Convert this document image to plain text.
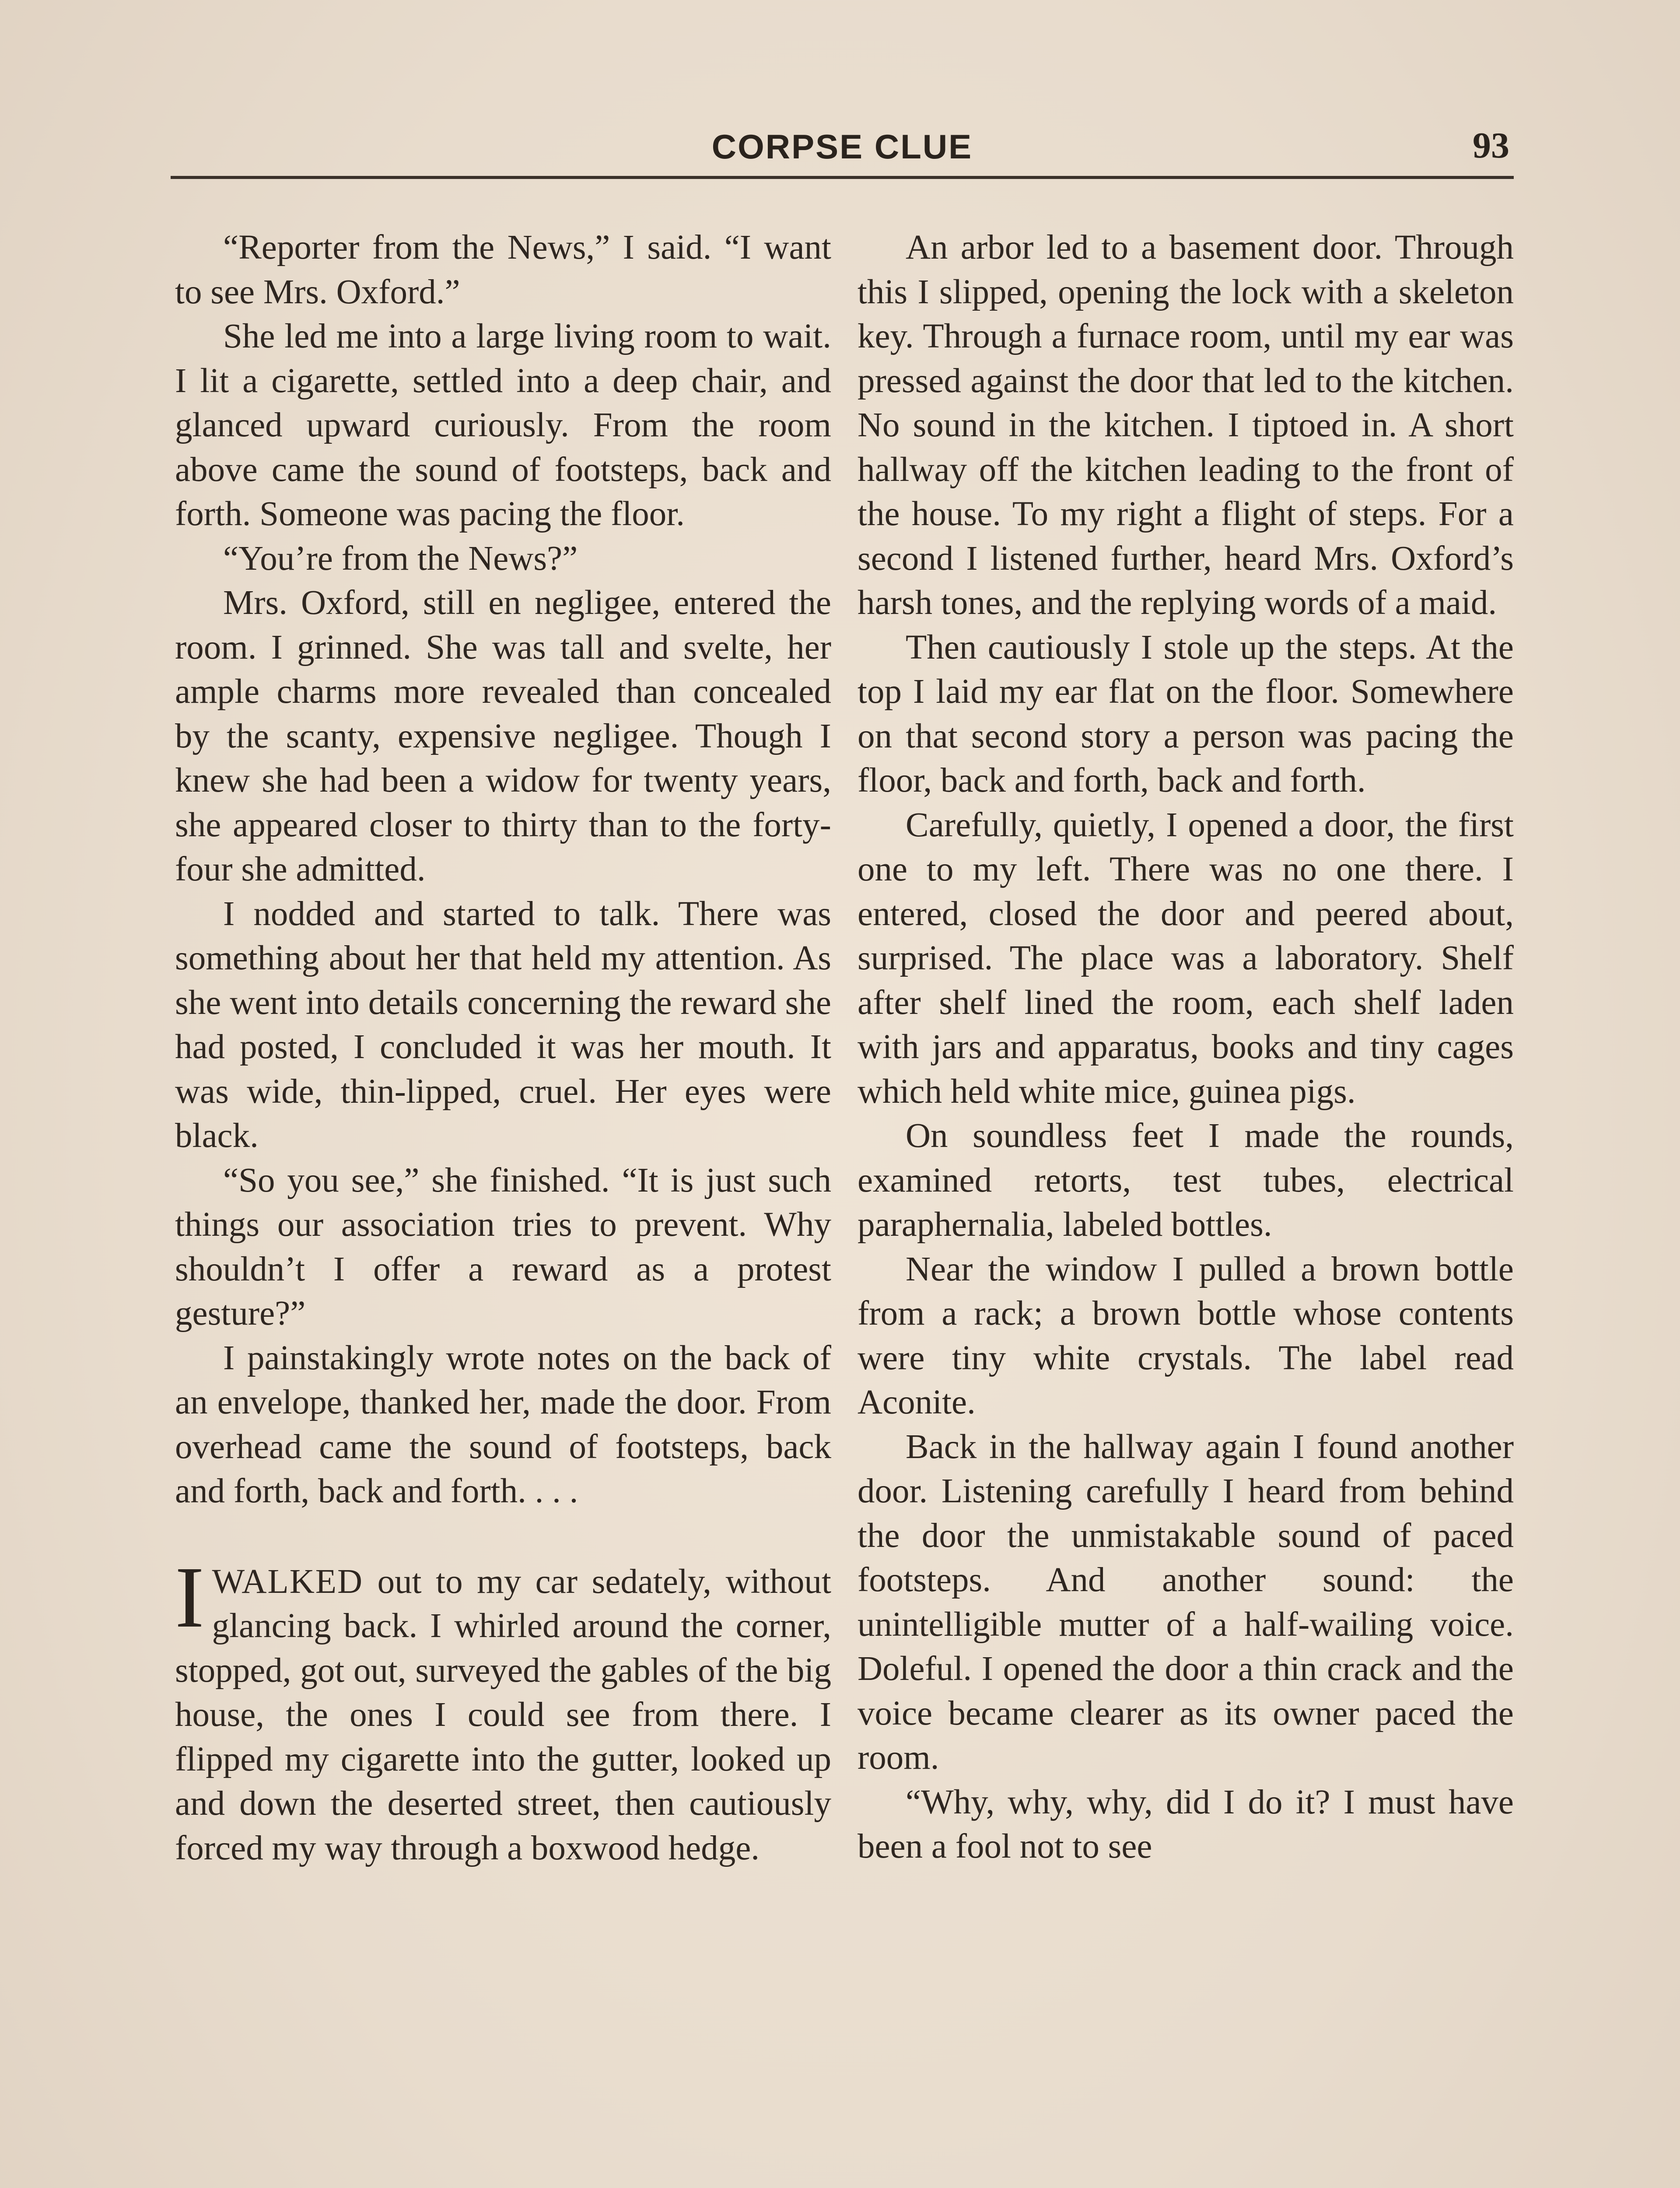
CORPSE CLUE	93

“Reporter from the News,” I said. “I want to see Mrs. Oxford.”

She led me into a large living room to wait. I lit a cigarette, settled into a deep chair, and glanced upward curiously. From the room above came the sound of footsteps, back and forth. Someone was pacing the floor.

“You’re from the News?”

Mrs. Oxford, still en negligee, entered the room. I grinned. She was tall and svelte, her ample charms more revealed than concealed by the scanty, expensive negligee. Though I knew she had been a widow for twenty years, she appeared closer to thirty than to the forty-four she admitted.

I nodded and started to talk. There was something about her that held my attention. As she went into details concerning the reward she had posted, I concluded it was her mouth. It was wide, thin-lipped, cruel. Her eyes were black.

“So you see,” she finished. “It is just such things our association tries to prevent. Why shouldn’t I offer a reward as a protest gesture?”

I painstakingly wrote notes on the back of an envelope, thanked her, made the door. From overhead came the sound of footsteps, back and forth, back and forth. . . .

IWALKED out to my car sedately, without glancing back. I whirled around the corner, stopped, got out, surveyed the gables of the big house, the ones I could see from there. I flipped my cigarette into the gutter, looked up and down the deserted street, then cautiously forced my way through a boxwood hedge.

An arbor led to a basement door. Through this I slipped, opening the lock with a skeleton key. Through a furnace room, until my ear was pressed against the door that led to the kitchen. No sound in the kitchen. I tiptoed in. A short hallway off the kitchen leading to the front of the house. To my right a flight of steps. For a second I listened further, heard Mrs. Oxford’s harsh tones, and the replying words of a maid.

Then cautiously I stole up the steps. At the top I laid my ear flat on the floor. Somewhere on that second story a person was pacing the floor, back and forth, back and forth.

Carefully, quietly, I opened a door, the first one to my left. There was no one there. I entered, closed the door and peered about, surprised. The place was a laboratory. Shelf after shelf lined the room, each shelf laden with jars and apparatus, books and tiny cages which held white mice, guinea pigs.

On soundless feet I made the rounds, examined retorts, test tubes, electrical paraphernalia, labeled bottles.

Near the window I pulled a brown bottle from a rack; a brown bottle whose contents were tiny white crystals. The label read Aconite.

Back in the hallway again I found another door. Listening carefully I heard from behind the door the unmistakable sound of paced footsteps. And another sound: the unintelligible mutter of a half-wailing voice. Doleful. I opened the door a thin crack and the voice became clearer as its owner paced the room.

“Why, why, why, did I do it? I must have been a fool not to see
